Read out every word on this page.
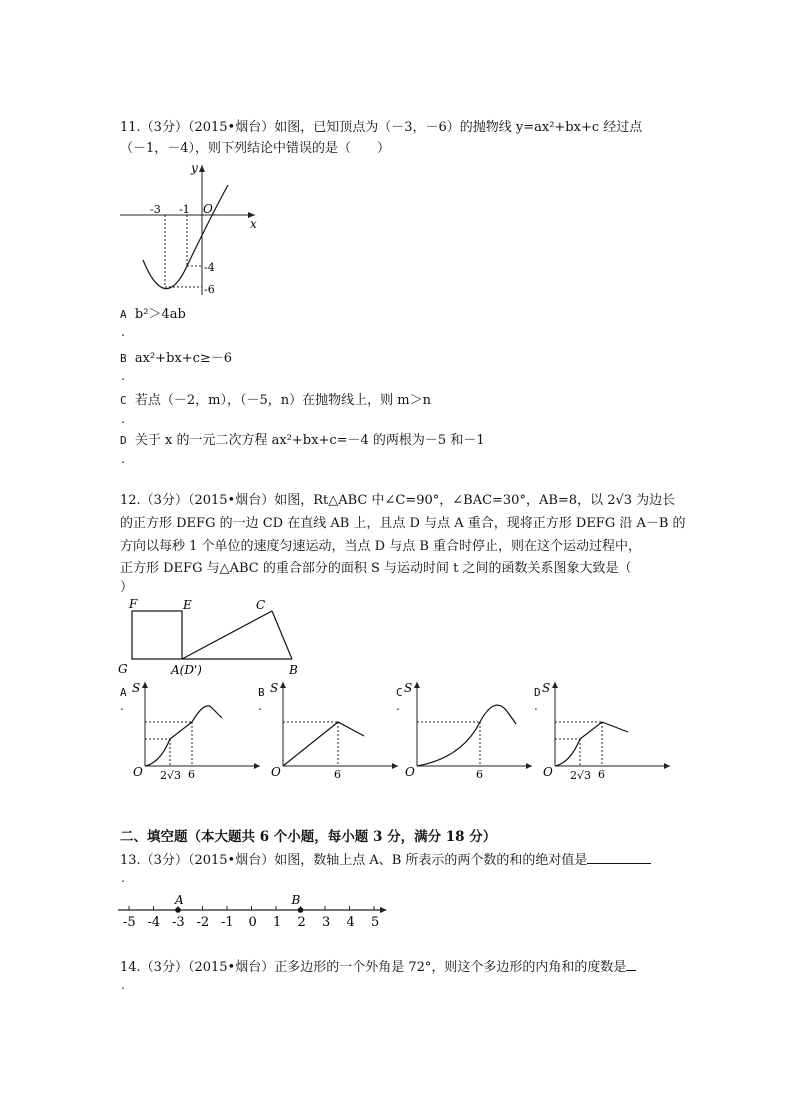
11.（3分）（2015•烟台）如图，已知顶点为（－3，－6）的抛物线 y=ax²+bx+c 经过点
（－1，－4），则下列结论中错误的是（　　）
y
x
O
-3 -1
-4
-6
A b²＞4ab
.
B ax²+bx+c≥－6
.
C 若点（－2，m），（－5，n）在抛物线上，则 m＞n
.
D 关于 x 的一元二次方程 ax²+bx+c=－4 的两根为－5 和－1
.
12.（3分）（2015•烟台）如图，Rt△ABC 中∠C=90°，∠BAC=30°，AB=8，以 2√3 为边长
的正方形 DEFG 的一边 CD 在直线 AB 上，且点 D 与点 A 重合，现将正方形 DEFG 沿 A－B 的
方向以每秒 1 个单位的速度匀速运动，当点 D 与点 B 重合时停止，则在这个运动过程中，
正方形 DEFG 与△ABC 的重合部分的面积 S 与运动时间 t 之间的函数关系图象大致是（
）
F	E	C
G	A(D')	B
A
.
S
O 2√3 6
B
.
S
O	6
C
.
S
O	6
D
.
S
O 2√3 6
二、填空题（本大题共 6 个小题，每小题 3 分，满分 18 分）
13.（3分）（2015•烟台）如图，数轴上点 A、B 所表示的两个数的和的绝对值是
.
-5 -4 -3 -2 -1 0 1 2 3 4 5
A	B
14.（3分）（2015•烟台）正多边形的一个外角是 72°，则这个多边形的内角和的度数是
.
